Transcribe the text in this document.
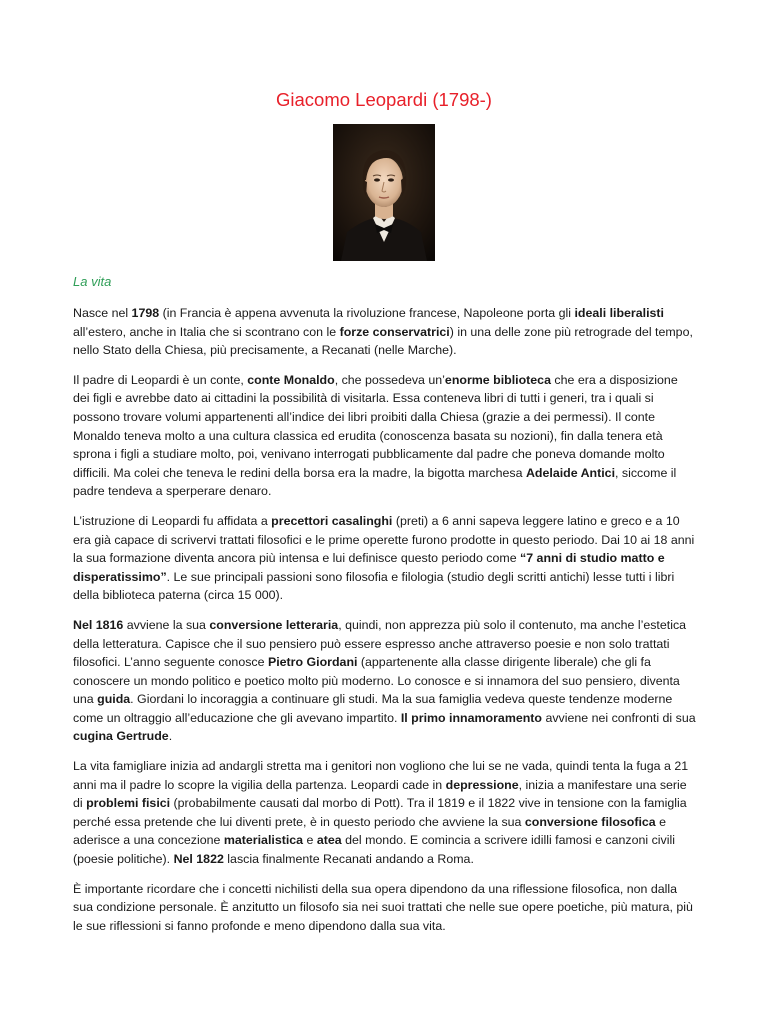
Giacomo Leopardi (1798-)
La vita

Nasce nel 1798 (in Francia è appena avvenuta la rivoluzione francese, Napoleone porta gli ideali liberalisti all’estero, anche in Italia che si scontrano con le forze conservatrici) in una delle zone più retrograde del tempo, nello Stato della Chiesa, più precisamente, a Recanati (nelle Marche).

Il padre di Leopardi è un conte, conte Monaldo, che possedeva un’enorme biblioteca che era a disposizione dei figli e avrebbe dato ai cittadini la possibilità di visitarla. Essa conteneva libri di tutti i generi, tra i quali si possono trovare volumi appartenenti all’indice dei libri proibiti dalla Chiesa (grazie a dei permessi). Il conte Monaldo teneva molto a una cultura classica ed erudita (conoscenza basata su nozioni), fin dalla tenera età sprona i figli a studiare molto, poi, venivano interrogati pubblicamente dal padre che poneva domande molto difficili. Ma colei che teneva le redini della borsa era la madre, la bigotta marchesa Adelaide Antici, siccome il padre tendeva a sperperare denaro.

L’istruzione di Leopardi fu affidata a precettori casalinghi (preti) a 6 anni sapeva leggere latino e greco e a 10 era già capace di scrivervi trattati filosofici e le prime operette furono prodotte in questo periodo. Dai 10 ai 18 anni la sua formazione diventa ancora più intensa e lui definisce questo periodo come “7 anni di studio matto e disperatissimo”. Le sue principali passioni sono filosofia e filologia (studio degli scritti antichi) lesse tutti i libri della biblioteca paterna (circa 15 000).

Nel 1816 avviene la sua conversione letteraria, quindi, non apprezza più solo il contenuto, ma anche l’estetica della letteratura. Capisce che il suo pensiero può essere espresso anche attraverso poesie e non solo trattati filosofici. L’anno seguente conosce Pietro Giordani (appartenente alla classe dirigente liberale) che gli fa conoscere un mondo politico e poetico molto più moderno. Lo conosce e si innamora del suo pensiero, diventa una guida. Giordani lo incoraggia a continuare gli studi. Ma la sua famiglia vedeva queste tendenze moderne come un oltraggio all’educazione che gli avevano impartito. Il primo innamoramento avviene nei confronti di sua cugina Gertrude.

La vita famigliare inizia ad andargli stretta ma i genitori non vogliono che lui se ne vada, quindi tenta la fuga a 21 anni ma il padre lo scopre la vigilia della partenza. Leopardi cade in depressione, inizia a manifestare una serie di problemi fisici (probabilmente causati dal morbo di Pott). Tra il 1819 e il 1822 vive in tensione con la famiglia perché essa pretende che lui diventi prete, è in questo periodo che avviene la sua conversione filosofica e aderisce a una concezione materialistica e atea del mondo. E comincia a scrivere idilli famosi e canzoni civili (poesie politiche). Nel 1822 lascia finalmente Recanati andando a Roma.

È importante ricordare che i concetti nichilisti della sua opera dipendono da una riflessione filosofica, non dalla sua condizione personale. È anzitutto un filosofo sia nei suoi trattati che nelle sue opere poetiche, più matura, più le sue riflessioni si fanno profonde e meno dipendono dalla sua vita.
